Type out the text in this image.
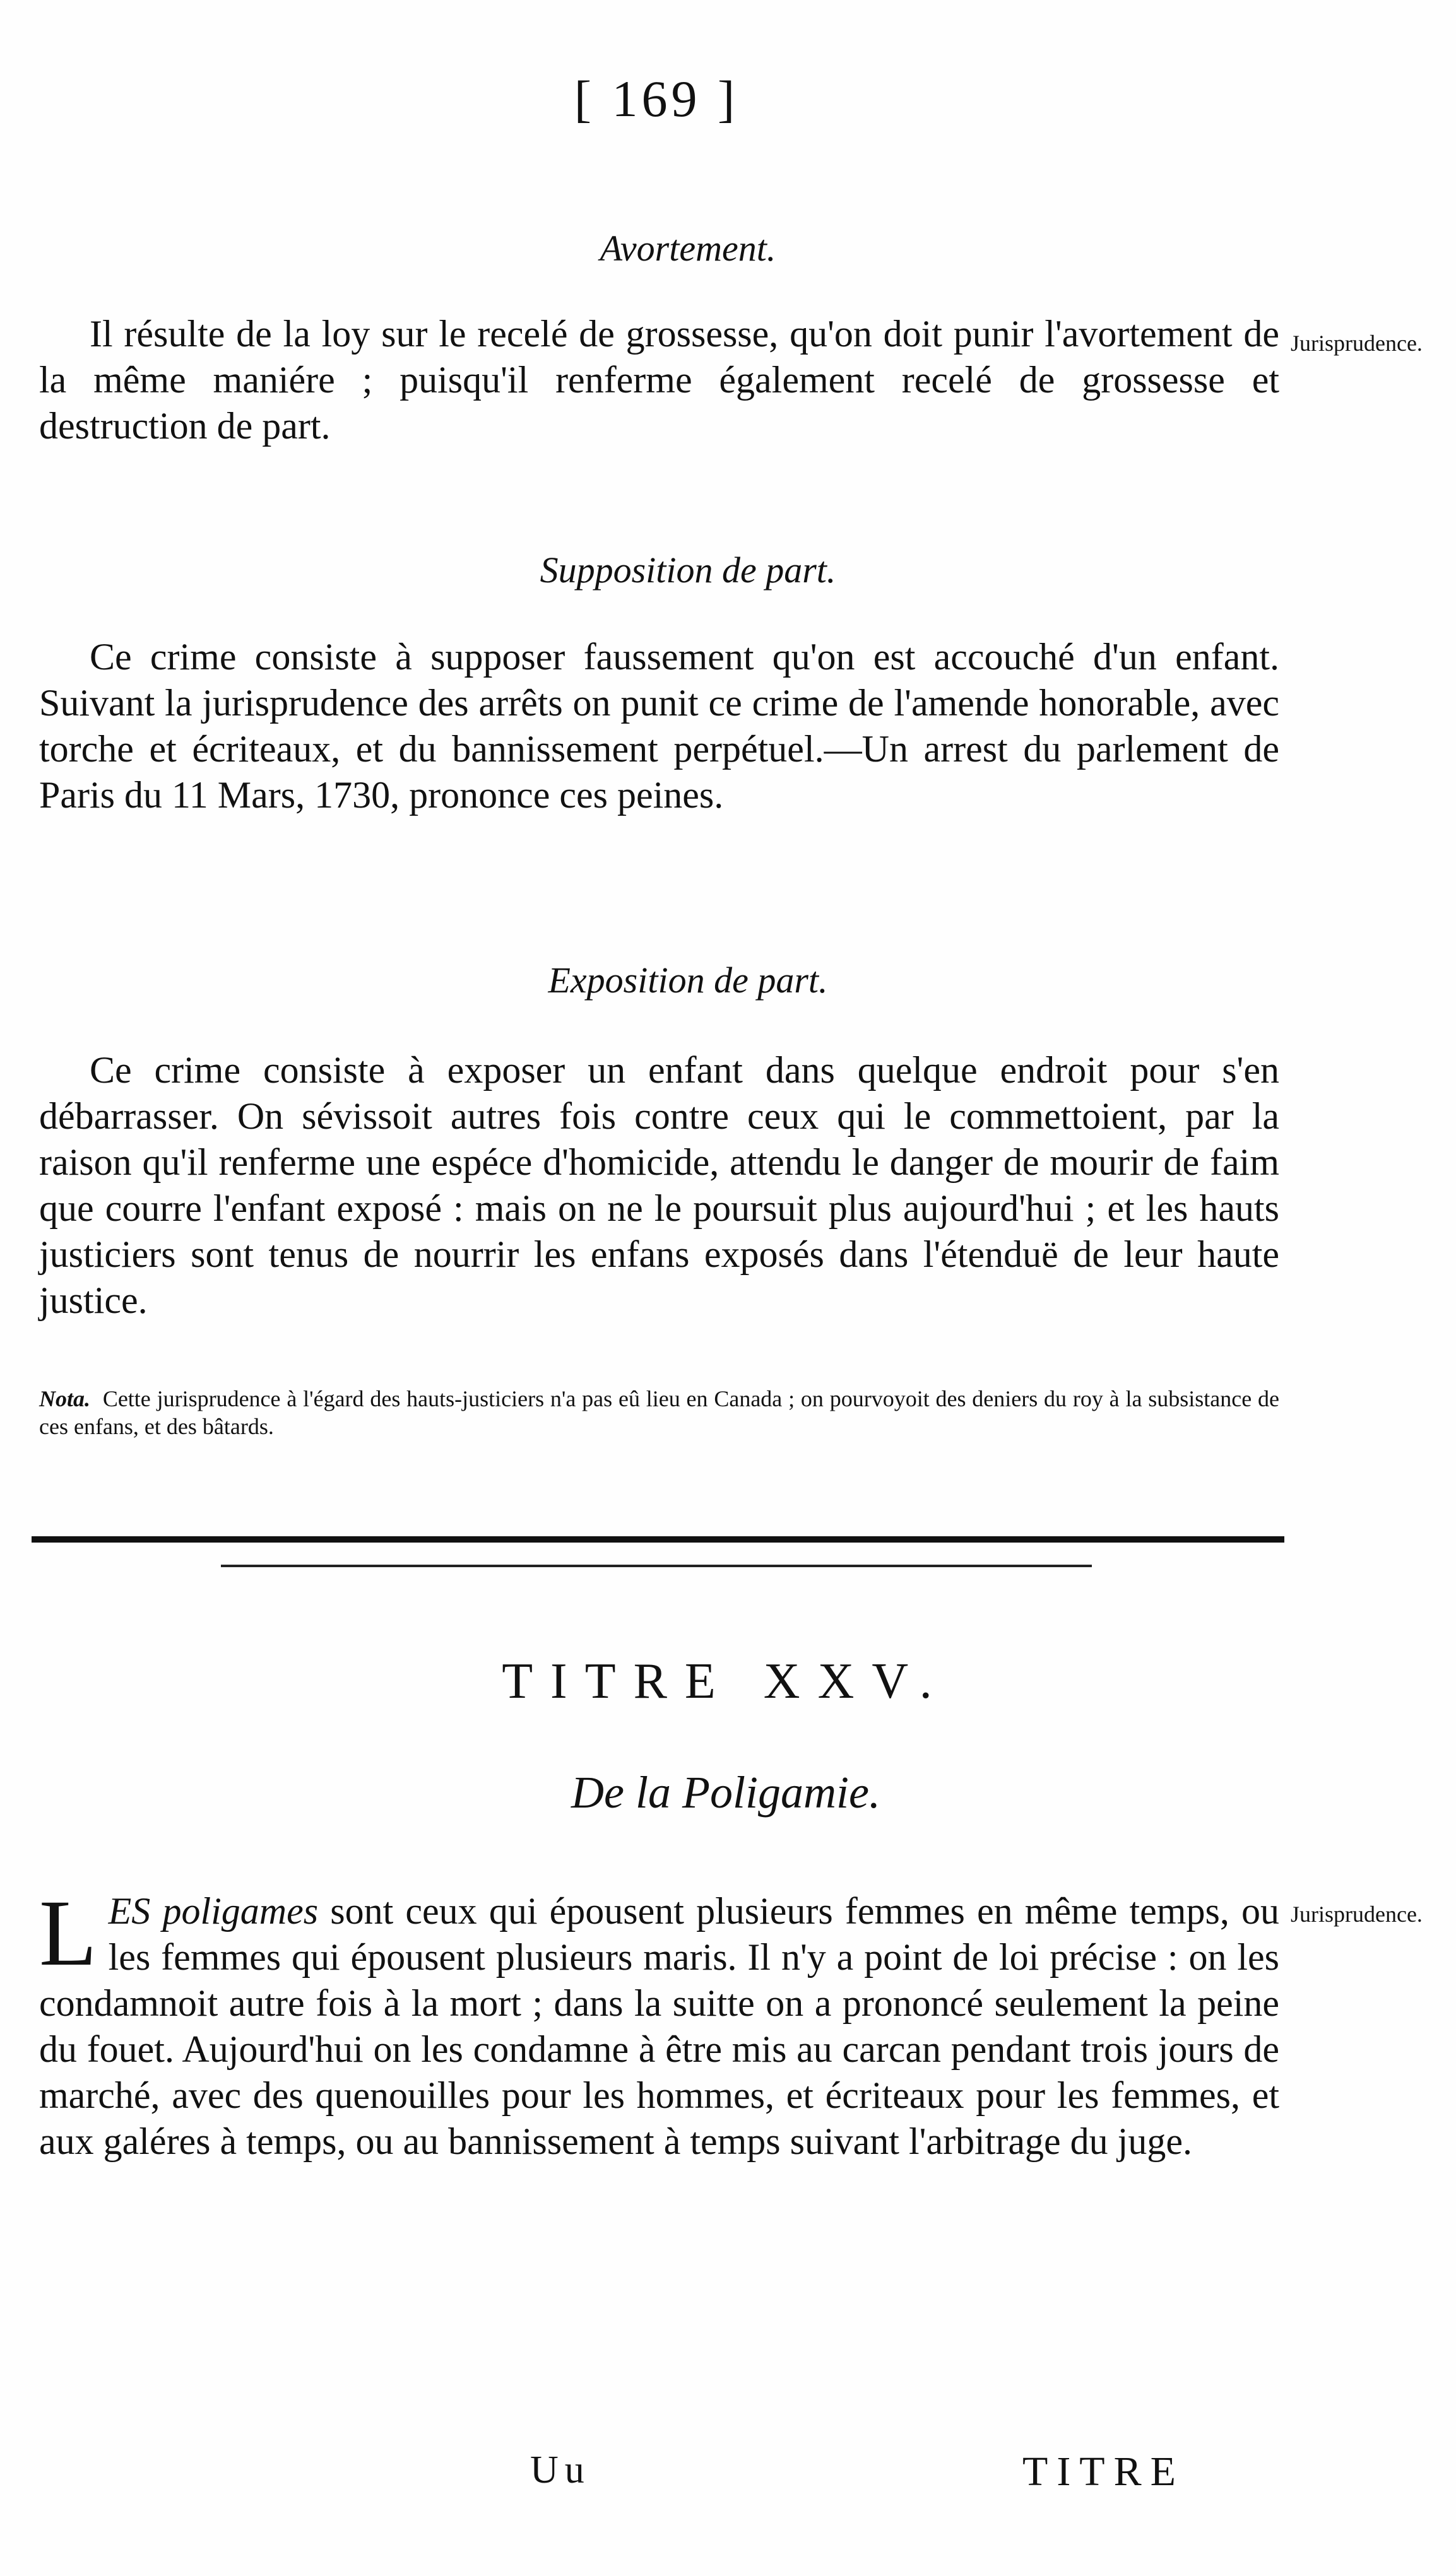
[ 169 ]
Avortement.

Il résulte de la loy sur le recelé de grossesse, qu'on doit punir l'avortement de la même maniére ; puisqu'il renferme également recelé de grossesse et destruction de part.

Jurisprudence.
Supposition de part.

Ce crime consiste à supposer faussement qu'on est accouché d'un enfant. Suivant la jurisprudence des arrêts on punit ce crime de l'amende honorable, avec torche et écriteaux, et du bannissement perpétuel.—Un arrest du parlement de Paris du 11 Mars, 1730, prononce ces peines.

Exposition de part.

Ce crime consiste à exposer un enfant dans quelque endroit pour s'en débarrasser. On sévissoit autres fois contre ceux qui le commettoient, par la raison qu'il renferme une espéce d'homicide, attendu le danger de mourir de faim que courre l'enfant exposé : mais on ne le poursuit plus aujourd'hui ; et les hauts justiciers sont tenus de nourrir les enfans exposés dans l'étenduë de leur haute justice.

Nota. Cette jurisprudence à l'égard des hauts-justiciers n'a pas eû lieu en Canada ; on pourvoyoit des deniers du roy à la subsistance de ces enfans, et des bâtards.
TITRE XXV.
De la Poligamie.

LES poligames sont ceux qui épousent plusieurs femmes en même temps, ou les femmes qui épousent plusieurs maris. Il n'y a point de loi précise : on les condamnoit autre fois à la mort ; dans la suitte on a prononcé seulement la peine du fouet. Aujourd'hui on les condamne à être mis au carcan pendant trois jours de marché, avec des quenouilles pour les hommes, et écriteaux pour les femmes, et aux galéres à temps, ou au bannissement à temps suivant l'arbitrage du juge.

Jurisprudence.
Uu	TITRE
